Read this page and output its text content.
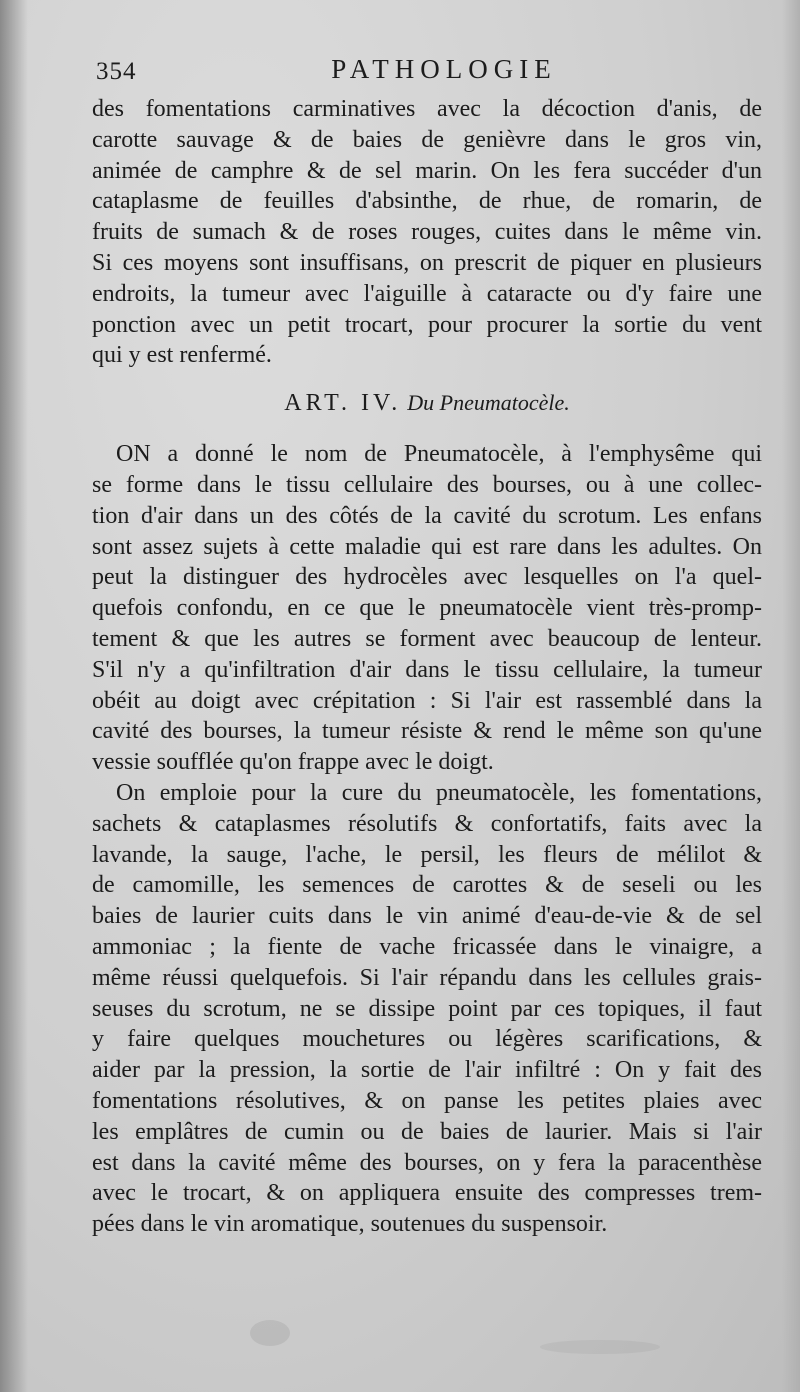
354	PATHOLOGIE
des fomentations carminatives avec la décoction d'anis, de
carotte sauvage & de baies de genièvre dans le gros vin,
animée de camphre & de sel marin. On les fera succéder d'un
cataplasme de feuilles d'absinthe, de rhue, de romarin, de
fruits de sumach & de roses rouges, cuites dans le même vin.
Si ces moyens sont insuffisans, on prescrit de piquer en plusieurs
endroits, la tumeur avec l'aiguille à cataracte ou d'y faire une
ponction avec un petit trocart, pour procurer la sortie du vent
qui y est renfermé.
ART. IV. Du Pneumatocèle.
ON a donné le nom de Pneumatocèle, à l'emphysême qui
se forme dans le tissu cellulaire des bourses, ou à une collec-
tion d'air dans un des côtés de la cavité du scrotum. Les enfans
sont assez sujets à cette maladie qui est rare dans les adultes. On
peut la distinguer des hydrocèles avec lesquelles on l'a quel-
quefois confondu, en ce que le pneumatocèle vient très-promp-
tement & que les autres se forment avec beaucoup de lenteur.
S'il n'y a qu'infiltration d'air dans le tissu cellulaire, la tumeur
obéit au doigt avec crépitation : Si l'air est rassemblé dans la
cavité des bourses, la tumeur résiste & rend le même son qu'une
vessie soufflée qu'on frappe avec le doigt.
On emploie pour la cure du pneumatocèle, les fomentations,
sachets & cataplasmes résolutifs & confortatifs, faits avec la
lavande, la sauge, l'ache, le persil, les fleurs de mélilot &
de camomille, les semences de carottes & de seseli ou les
baies de laurier cuits dans le vin animé d'eau-de-vie & de sel
ammoniac ; la fiente de vache fricassée dans le vinaigre, a
même réussi quelquefois. Si l'air répandu dans les cellules grais-
seuses du scrotum, ne se dissipe point par ces topiques, il faut
y faire quelques mouchetures ou légères scarifications, &
aider par la pression, la sortie de l'air infiltré : On y fait des
fomentations résolutives, & on panse les petites plaies avec
les emplâtres de cumin ou de baies de laurier. Mais si l'air
est dans la cavité même des bourses, on y fera la paracenthèse
avec le trocart, & on appliquera ensuite des compresses trem-
pées dans le vin aromatique, soutenues du suspensoir.
